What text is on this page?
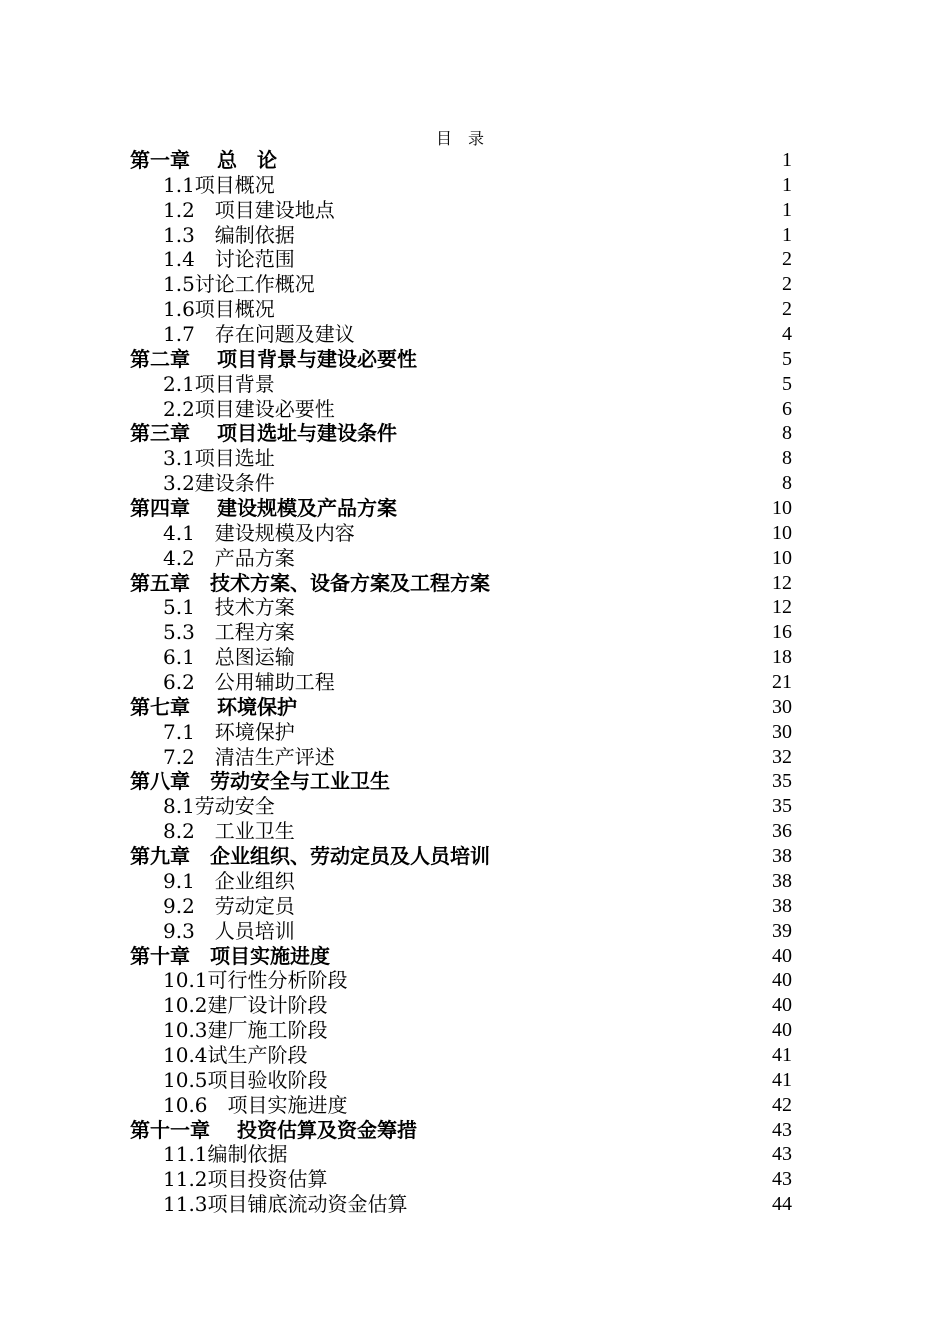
目　录
第一章　 总　论	1
1.1项目概况	1
1.2　项目建设地点	1
1.3　编制依据	1
1.4　讨论范围	2
1.5讨论工作概况	2
1.6项目概况	2
1.7　存在问题及建议	4
第二章　 项目背景与建设必要性	5
2.1项目背景	5
2.2项目建设必要性	6
第三章　 项目选址与建设条件	8
3.1项目选址	8
3.2建设条件	8
第四章　 建设规模及产品方案	10
4.1　建设规模及内容	10
4.2　产品方案	10
第五章　技术方案、设备方案及工程方案	12
5.1　技术方案	12
5.3　工程方案	16
6.1　总图运输	18
6.2　公用辅助工程	21
第七章　 环境保护	30
7.1　环境保护	30
7.2　清洁生产评述	32
第八章　劳动安全与工业卫生	35
8.1劳动安全	35
8.2　工业卫生	36
第九章　企业组织、劳动定员及人员培训	38
9.1　企业组织	38
9.2　劳动定员	38
9.3　人员培训	39
第十章　项目实施进度	40
10.1可行性分析阶段	40
10.2建厂设计阶段	40
10.3建厂施工阶段	40
10.4试生产阶段	41
10.5项目验收阶段	41
10.6　项目实施进度	42
第十一章　 投资估算及资金筹措	43
11.1编制依据	43
11.2项目投资估算	43
11.3项目铺底流动资金估算	44
